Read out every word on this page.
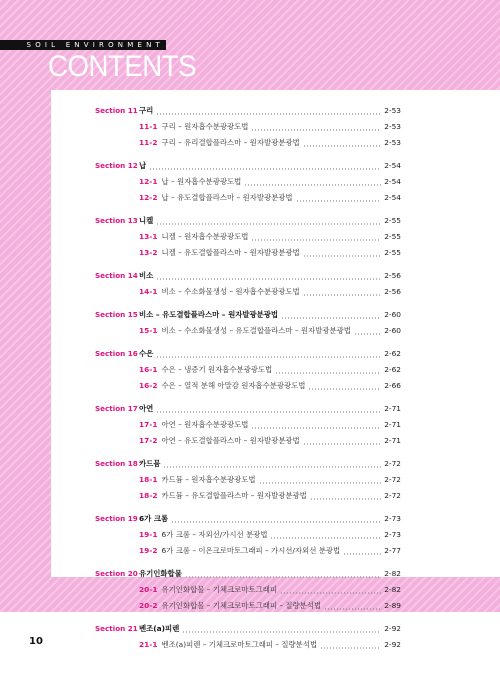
SOIL ENVIRONMENT
CONTENTS
Section 11 구리	2-53
11-1 구리 – 원자흡수분광광도법	2-53
11-2 구리 – 유리결합플라스마 – 원자발광분광법	2-53
Section 12 납	2-54
12-1 납 – 원자흡수분광광도법	2-54
12-2 납 – 유도결합플라스마 – 원자발광분광법	2-54
Section 13 니켈	2-55
13-1 니켈 – 원자흡수분광광도법	2-55
13-2 니켈 – 유도결합플라스마 – 원자발광분광법	2-55
Section 14 비소	2-56
14-1 비소 – 수소화물생성 – 원자흡수분광광도법	2-56
Section 15 비소 – 유도결합플라스마 – 원자발광분광법	2-60
15-1 비소 – 수소화물생성 – 유도결합플라스마 – 원자발광분광법	2-60
Section 16 수은	2-62
16-1 수은 – 냉증기 원자흡수분광광도법	2-62
16-2 수은 – 열적 분해 아말감 원자흡수분광광도법	2-66
Section 17 아연	2-71
17-1 아연 – 원자흡수분광광도법	2-71
17-2 아연 – 유도결합플라스마 – 원자발광분광법	2-71
Section 18 카드뮴	2-72
18-1 카드뮴 – 원자흡수분광광도법	2-72
18-2 카드뮴 – 유도결합플라스마 – 원자발광분광법	2-72
Section 19 6가 크롬	2-73
19-1 6가 크롬 – 자외선/가시선 분광법	2-73
19-2 6가 크롬 – 이온크로마토그래피 – 가시선/자외선 분광법	2-77
Section 20 유기인화합물	2-82
20-1 유기인화합물 – 기체크로마토그래피	2-82
20-2 유기인화합물 – 기체크로마토그래피 – 질량분석법	2-89
Section 21 벤조(a)피렌	2-92
21-1 벤조(a)피렌 – 기체크로마토그래피 – 질량분석법	2-92
10
